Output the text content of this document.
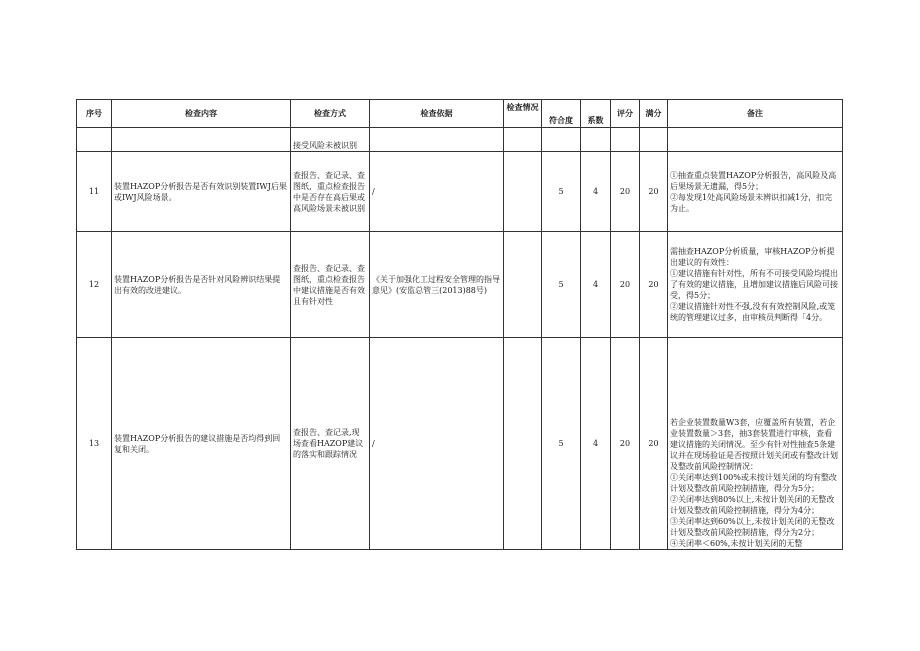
序号	检查内容	检查方式	检查依据	检查情况	符合度	系数	评分	满分	备注
		接受风险未被识别							
11	装置HAZOP分析报告是否有效识别装置IWJ后果或IWJ风险场景。	查报告、查记录、查图纸，重点检查报告中是否存在高后果或高风险场景未被识别	/		5	4	20	20	①抽查重点装置HAZOP分析报告，高风险及高后果场景无遗漏，得5分；
②每发现1处高风险场景未辨识扣减1分，扣完为止。
12	装置HAZOP分析报告是否针对风险辨识结果提出有效的改进建议。	查报告、查记录、查图纸，重点检查报告中建议措施是否有效且有针对性	《关于加强化工过程安全管理的指导意见》(安监总管三(2013)88号)		5	4	20	20	需抽查HAZOP分析质量，审核HAZOP分析提出建议的有效性：
①建议措施有针对性，所有不可接受风险均提出了有效的建议措施，且增加建议措施后风险可接受，得5分；
②建议措施针对性不强,没有有效控制风险,或笼统的管理建议过多，由审核员判断得「4分。
13	装置HAZOP分析报告的建议措施是否均得到回复和关闭。	查报告、查记录,现场查看HAZOP建议的落实和跟踪情况	/		5	4	20	20	若企业装置数量W3套，应覆盖所有装置，若企业装置数量＞3套，抽3套装置进行审核，查看建议措施的关闭情况。至少有针对性抽查5条建议并在现场验证是否按照计划关闭或有整改计划及整改前风险控制情况：
①关闭率达到100%或未按计划关闭的均有整改计划及整改前风险控制措施，得分为5分；
②关闭率达到80%以上,未按计划关闭的无整改计划及整改前风险控制措施，得分为4分；
③关闭率达到60%以上,未按计划关闭的无整改计划及整改前风险控制措施，得分为2分；
④关闭率＜60%,未按计划关闭的无整
